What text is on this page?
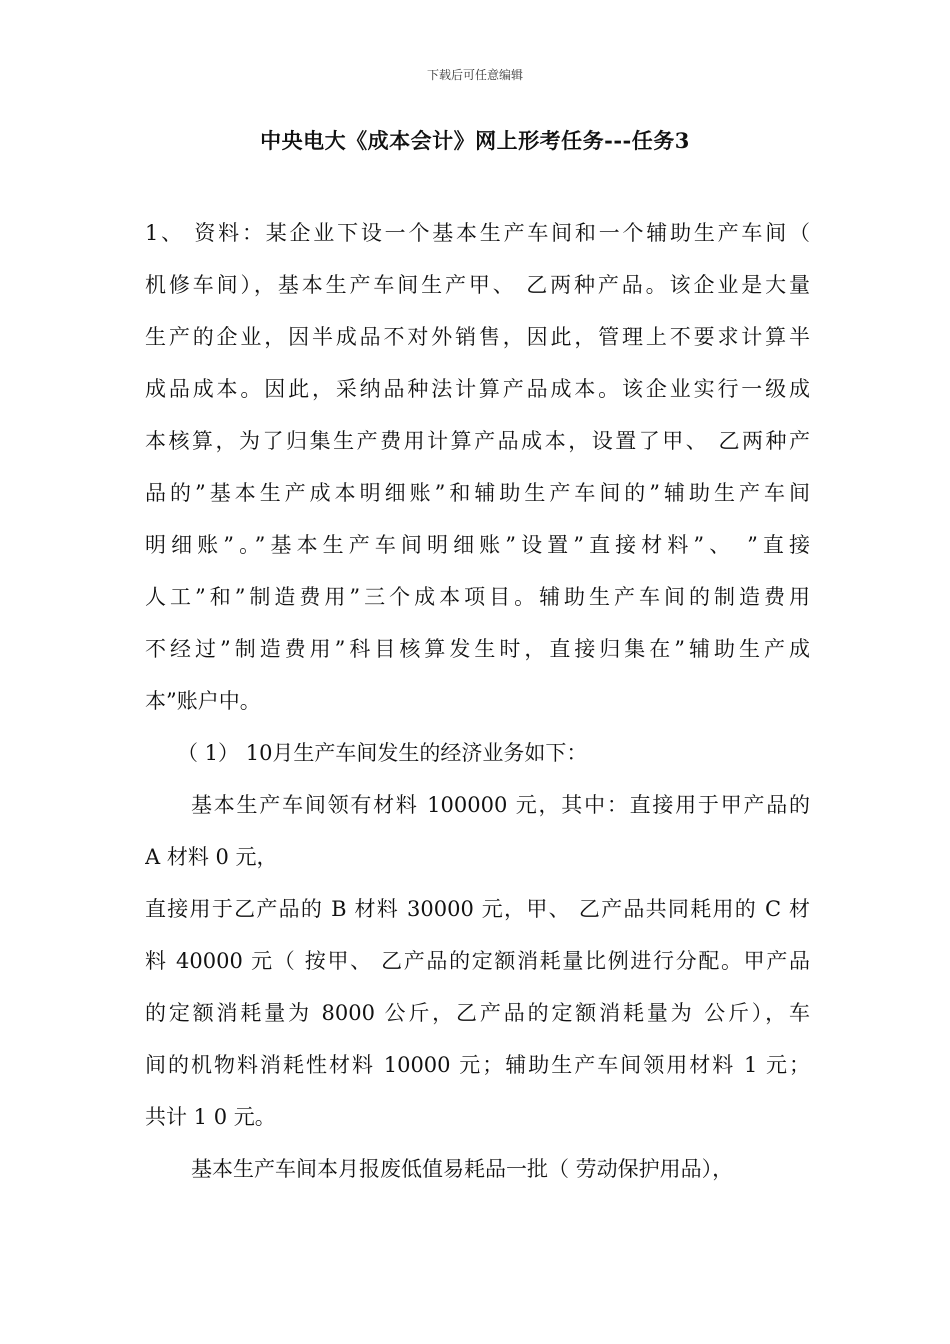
下载后可任意编辑
中央电大《成本会计》网上形考任务---任务3
1、 资料：某企业下设一个基本生产车间和一个辅助生产车间（
机修车间），基本生产车间生产甲、 乙两种产品。该企业是大量
生产的企业，因半成品不对外销售，因此，管理上不要求计算半
成品成本。因此，采纳品种法计算产品成本。该企业实行一级成
本核算，为了归集生产费用计算产品成本，设置了甲、 乙两种产
品的”基本生产成本明细账”和辅助生产车间的”辅助生产车间
明细账”。”基本生产车间明细账”设置”直接材料”、 ”直接
人工”和”制造费用”三个成本项目。辅助生产车间的制造费用
不经过”制造费用”科目核算发生时，直接归集在”辅助生产成
本”账户中。
（ 1） 10月生产车间发生的经济业务如下：
基本生产车间领有材料 100000 元，其中：直接用于甲产品的
A 材料 0 元，
直接用于乙产品的 B 材料 30000 元，甲、 乙产品共同耗用的 C 材
料 40000 元（ 按甲、 乙产品的定额消耗量比例进行分配。甲产品
的定额消耗量为 8000 公斤，乙产品的定额消耗量为 公斤），车
间的机物料消耗性材料 10000 元；辅助生产车间领用材料 1 元；
共计 1 0 元。
基本生产车间本月报废低值易耗品一批（ 劳动保护用品），
